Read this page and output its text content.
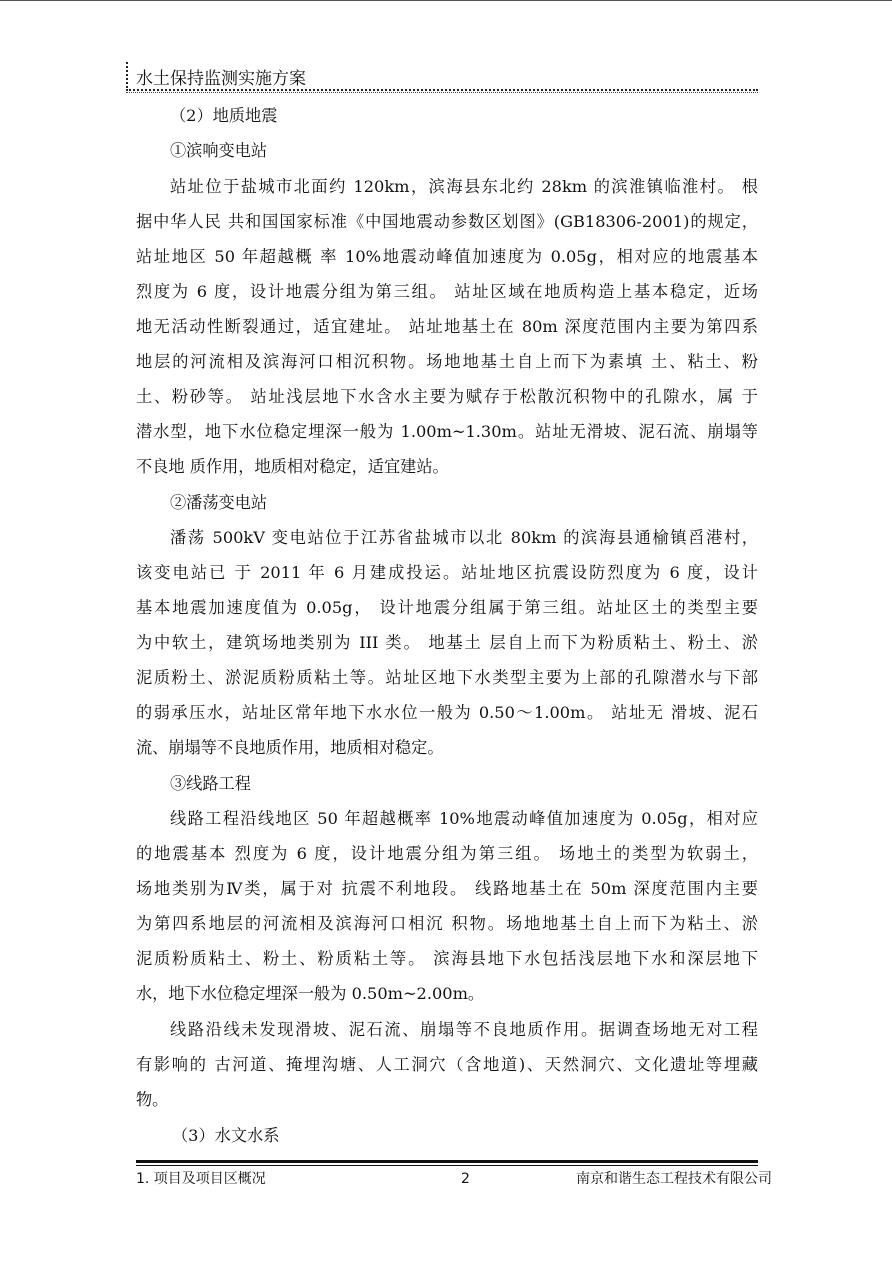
水土保持监测实施方案
（2）地质地震
①滨响变电站
站址位于盐城市北面约 120km，滨海县东北约 28km 的滨淮镇临淮村。 根
据中华人民 共和国国家标准《中国地震动参数区划图》(GB18306-2001)的规定，
站址地区 50 年超越概 率 10%地震动峰值加速度为 0.05g，相对应的地震基本
烈度为 6 度，设计地震分组为第三组。 站址区域在地质构造上基本稳定，近场
地无活动性断裂通过，适宜建址。 站址地基土在 80m 深度范围内主要为第四系
地层的河流相及滨海河口相沉积物。场地地基土自上而下为素填 土、粘土、粉
土、粉砂等。 站址浅层地下水含水主要为赋存于松散沉积物中的孔隙水，属 于
潜水型，地下水位稳定埋深一般为 1.00m~1.30m。站址无滑坡、泥石流、崩塌等
不良地 质作用，地质相对稳定，适宜建站。
②潘荡变电站
潘荡 500kV 变电站位于江苏省盐城市以北 80km 的滨海县通榆镇舀港村，
该变电站已 于 2011 年 6 月建成投运。站址地区抗震设防烈度为 6 度，设计
基本地震加速度值为 0.05g， 设计地震分组属于第三组。站址区土的类型主要
为中软土，建筑场地类别为 III 类。 地基土 层自上而下为粉质粘土、粉土、淤
泥质粉土、淤泥质粉质粘土等。站址区地下水类型主要为上部的孔隙潜水与下部
的弱承压水，站址区常年地下水水位一般为 0.50～1.00m。 站址无 滑坡、泥石
流、崩塌等不良地质作用，地质相对稳定。
③线路工程
线路工程沿线地区 50 年超越概率 10%地震动峰值加速度为 0.05g，相对应
的地震基本 烈度为 6 度，设计地震分组为第三组。 场地土的类型为软弱土，
场地类别为Ⅳ类，属于对 抗震不利地段。 线路地基土在 50m 深度范围内主要
为第四系地层的河流相及滨海河口相沉 积物。场地地基土自上而下为粘土、淤
泥质粉质粘土、粉土、粉质粘土等。 滨海县地下水包括浅层地下水和深层地下
水，地下水位稳定埋深一般为 0.50m~2.00m。
线路沿线未发现滑坡、泥石流、崩塌等不良地质作用。据调查场地无对工程
有影响的 古河道、掩埋沟塘、人工洞穴（含地道)、天然洞穴、文化遗址等埋藏
物。
（3）水文水系
1. 项目及项目区概况	2	南京和谐生态工程技术有限公司
